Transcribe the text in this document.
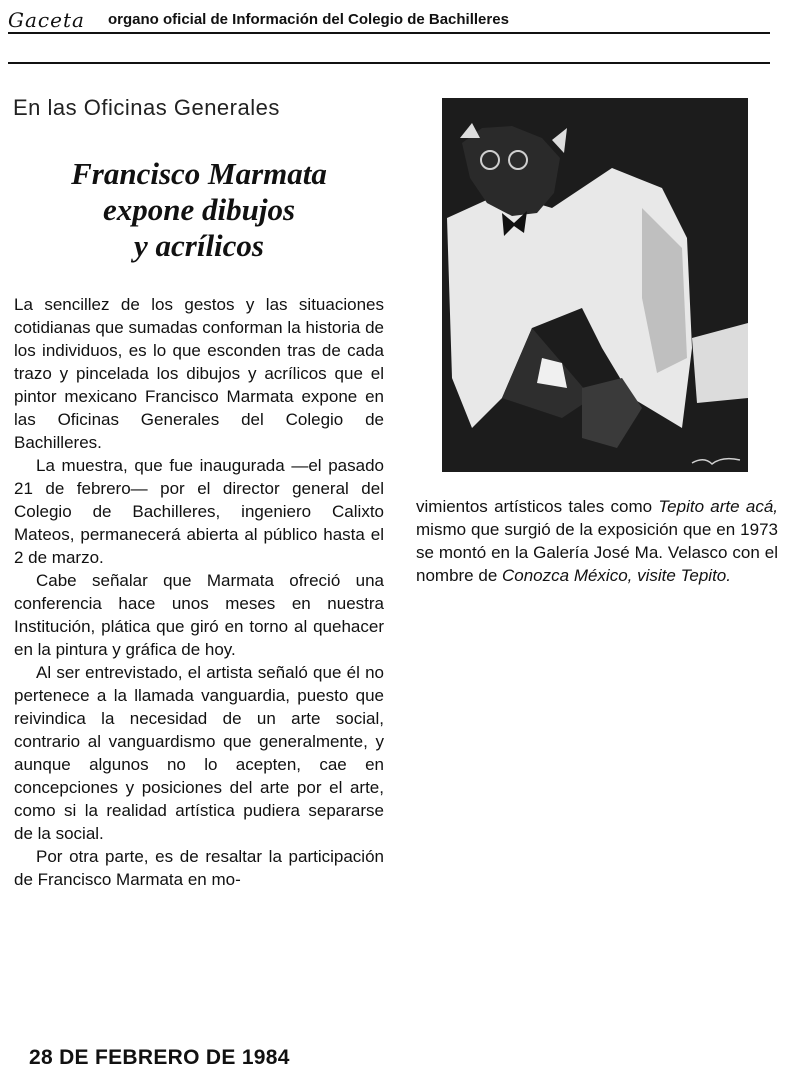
Gaceta organo oficial de Información del Colegio de Bachilleres
En las Oficinas Generales
Francisco Marmata
expone dibujos
y acrílicos

La sencillez de los gestos y las situaciones cotidianas que sumadas conforman la historia de los individuos, es lo que esconden tras de cada trazo y pincelada los dibujos y acrílicos que el pintor mexicano Francisco Marmata expone en las Oficinas Generales del Colegio de Bachilleres.

La muestra, que fue inaugurada —el pasado 21 de febrero— por el director general del Colegio de Bachilleres, ingeniero Calixto Mateos, permanecerá abierta al público hasta el 2 de marzo.

Cabe señalar que Marmata ofreció una conferencia hace unos meses en nuestra Institución, plática que giró en torno al quehacer en la pintura y gráfica de hoy.

Al ser entrevistado, el artista señaló que él no pertenece a la llamada vanguardia, puesto que reivindica la necesidad de un arte social, contrario al vanguardismo que generalmente, y aunque algunos no lo acepten, cae en concepciones y posiciones del arte por el arte, como si la realidad artística pudiera separarse de la social.

Por otra parte, es de resaltar la participación de Francisco Marmata en mo-

vimientos artísticos tales como Tepito arte acá, mismo que surgió de la exposición que en 1973 se montó en la Galería José Ma. Velasco con el nombre de Conozca México, visite Tepito.

28 DE FEBRERO DE 1984
